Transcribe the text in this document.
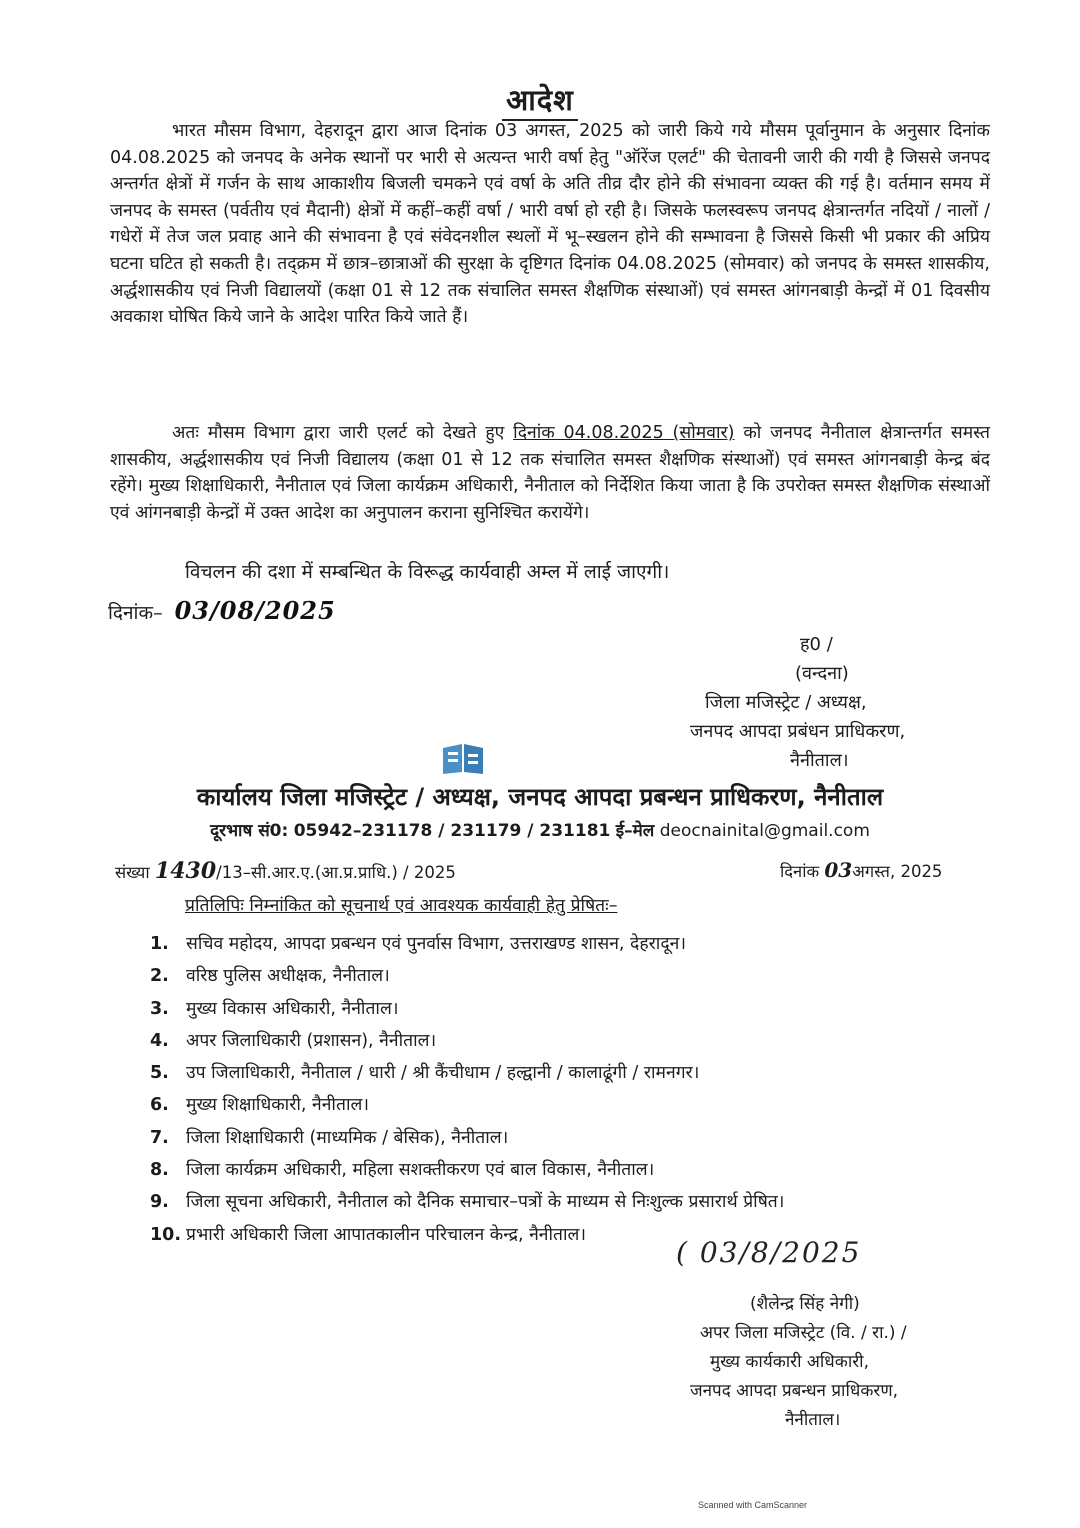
आदेश
भारत मौसम विभाग, देहरादून द्वारा आज दिनांक 03 अगस्त, 2025 को जारी किये गये मौसम पूर्वानुमान के अनुसार दिनांक 04.08.2025 को जनपद के अनेक स्थानों पर भारी से अत्यन्त भारी वर्षा हेतु "ऑरेंज एलर्ट" की चेतावनी जारी की गयी है जिससे जनपद अन्तर्गत क्षेत्रों में गर्जन के साथ आकाशीय बिजली चमकने एवं वर्षा के अति तीव्र दौर होने की संभावना व्यक्त की गई है। वर्तमान समय में जनपद के समस्त (पर्वतीय एवं मैदानी) क्षेत्रों में कहीं–कहीं वर्षा / भारी वर्षा हो रही है। जिसके फलस्वरूप जनपद क्षेत्रान्तर्गत नदियों / नालों / गधेरों में तेज जल प्रवाह आने की संभावना है एवं संवेदनशील स्थलों में भू–स्खलन होने की सम्भावना है जिससे किसी भी प्रकार की अप्रिय घटना घटित हो सकती है। तद्क्रम में छात्र–छात्राओं की सुरक्षा के दृष्टिगत दिनांक 04.08.2025 (सोमवार) को जनपद के समस्त शासकीय, अर्द्धशासकीय एवं निजी विद्यालयों (कक्षा 01 से 12 तक संचालित समस्त शैक्षणिक संस्थाओं) एवं समस्त आंगनबाड़ी केन्द्रों में 01 दिवसीय अवकाश घोषित किये जाने के आदेश पारित किये जाते हैं।
अतः मौसम विभाग द्वारा जारी एलर्ट को देखते हुए दिनांक 04.08.2025 (सोमवार) को जनपद नैनीताल क्षेत्रान्तर्गत समस्त शासकीय, अर्द्धशासकीय एवं निजी विद्यालय (कक्षा 01 से 12 तक संचालित समस्त शैक्षणिक संस्थाओं) एवं समस्त आंगनबाड़ी केन्द्र बंद रहेंगे। मुख्य शिक्षाधिकारी, नैनीताल एवं जिला कार्यक्रम अधिकारी, नैनीताल को निर्देशित किया जाता है कि उपरोक्त समस्त शैक्षणिक संस्थाओं एवं आंगनबाड़ी केन्द्रों में उक्त आदेश का अनुपालन कराना सुनिश्चित करायेंगे।
विचलन की दशा में सम्बन्धित के विरूद्ध कार्यवाही अम्ल में लाई जाएगी।
दिनांक– 03/08/2025
ह0 /
(वन्दना)
जिला मजिस्ट्रेट / अध्यक्ष,
जनपद आपदा प्रबंधन प्राधिकरण,
नैनीताल।
कार्यालय जिला मजिस्ट्रेट / अध्यक्ष, जनपद आपदा प्रबन्धन प्राधिकरण, नैनीताल
दूरभाष सं0: 05942–231178 / 231179 / 231181 ई–मेल deocnainital@gmail.com
संख्या 1430/13–सी.आर.ए.(आ.प्र.प्राधि.) / 2025	दिनांक 03अगस्त, 2025
प्रतिलिपिः निम्नांकित को सूचनार्थ एवं आवश्यक कार्यवाही हेतु प्रेषितः–
1. सचिव महोदय, आपदा प्रबन्धन एवं पुनर्वास विभाग, उत्तराखण्ड शासन, देहरादून।
2. वरिष्ठ पुलिस अधीक्षक, नैनीताल।
3. मुख्य विकास अधिकारी, नैनीताल।
4. अपर जिलाधिकारी (प्रशासन), नैनीताल।
5. उप जिलाधिकारी, नैनीताल / धारी / श्री कैंचीधाम / हल्द्वानी / कालाढूंगी / रामनगर।
6. मुख्य शिक्षाधिकारी, नैनीताल।
7. जिला शिक्षाधिकारी (माध्यमिक / बेसिक), नैनीताल।
8. जिला कार्यक्रम अधिकारी, महिला सशक्तीकरण एवं बाल विकास, नैनीताल।
9. जिला सूचना अधिकारी, नैनीताल को दैनिक समाचार–पत्रों के माध्यम से निःशुल्क प्रसारार्थ प्रेषित।
10. प्रभारी अधिकारी जिला आपातकालीन परिचालन केन्द्र, नैनीताल।
( 03/8/2025
(शैलेन्द्र सिंह नेगी)
अपर जिला मजिस्ट्रेट (वि. / रा.) /
मुख्य कार्यकारी अधिकारी,
जनपद आपदा प्रबन्धन प्राधिकरण,
नैनीताल।
Scanned with CamScanner
